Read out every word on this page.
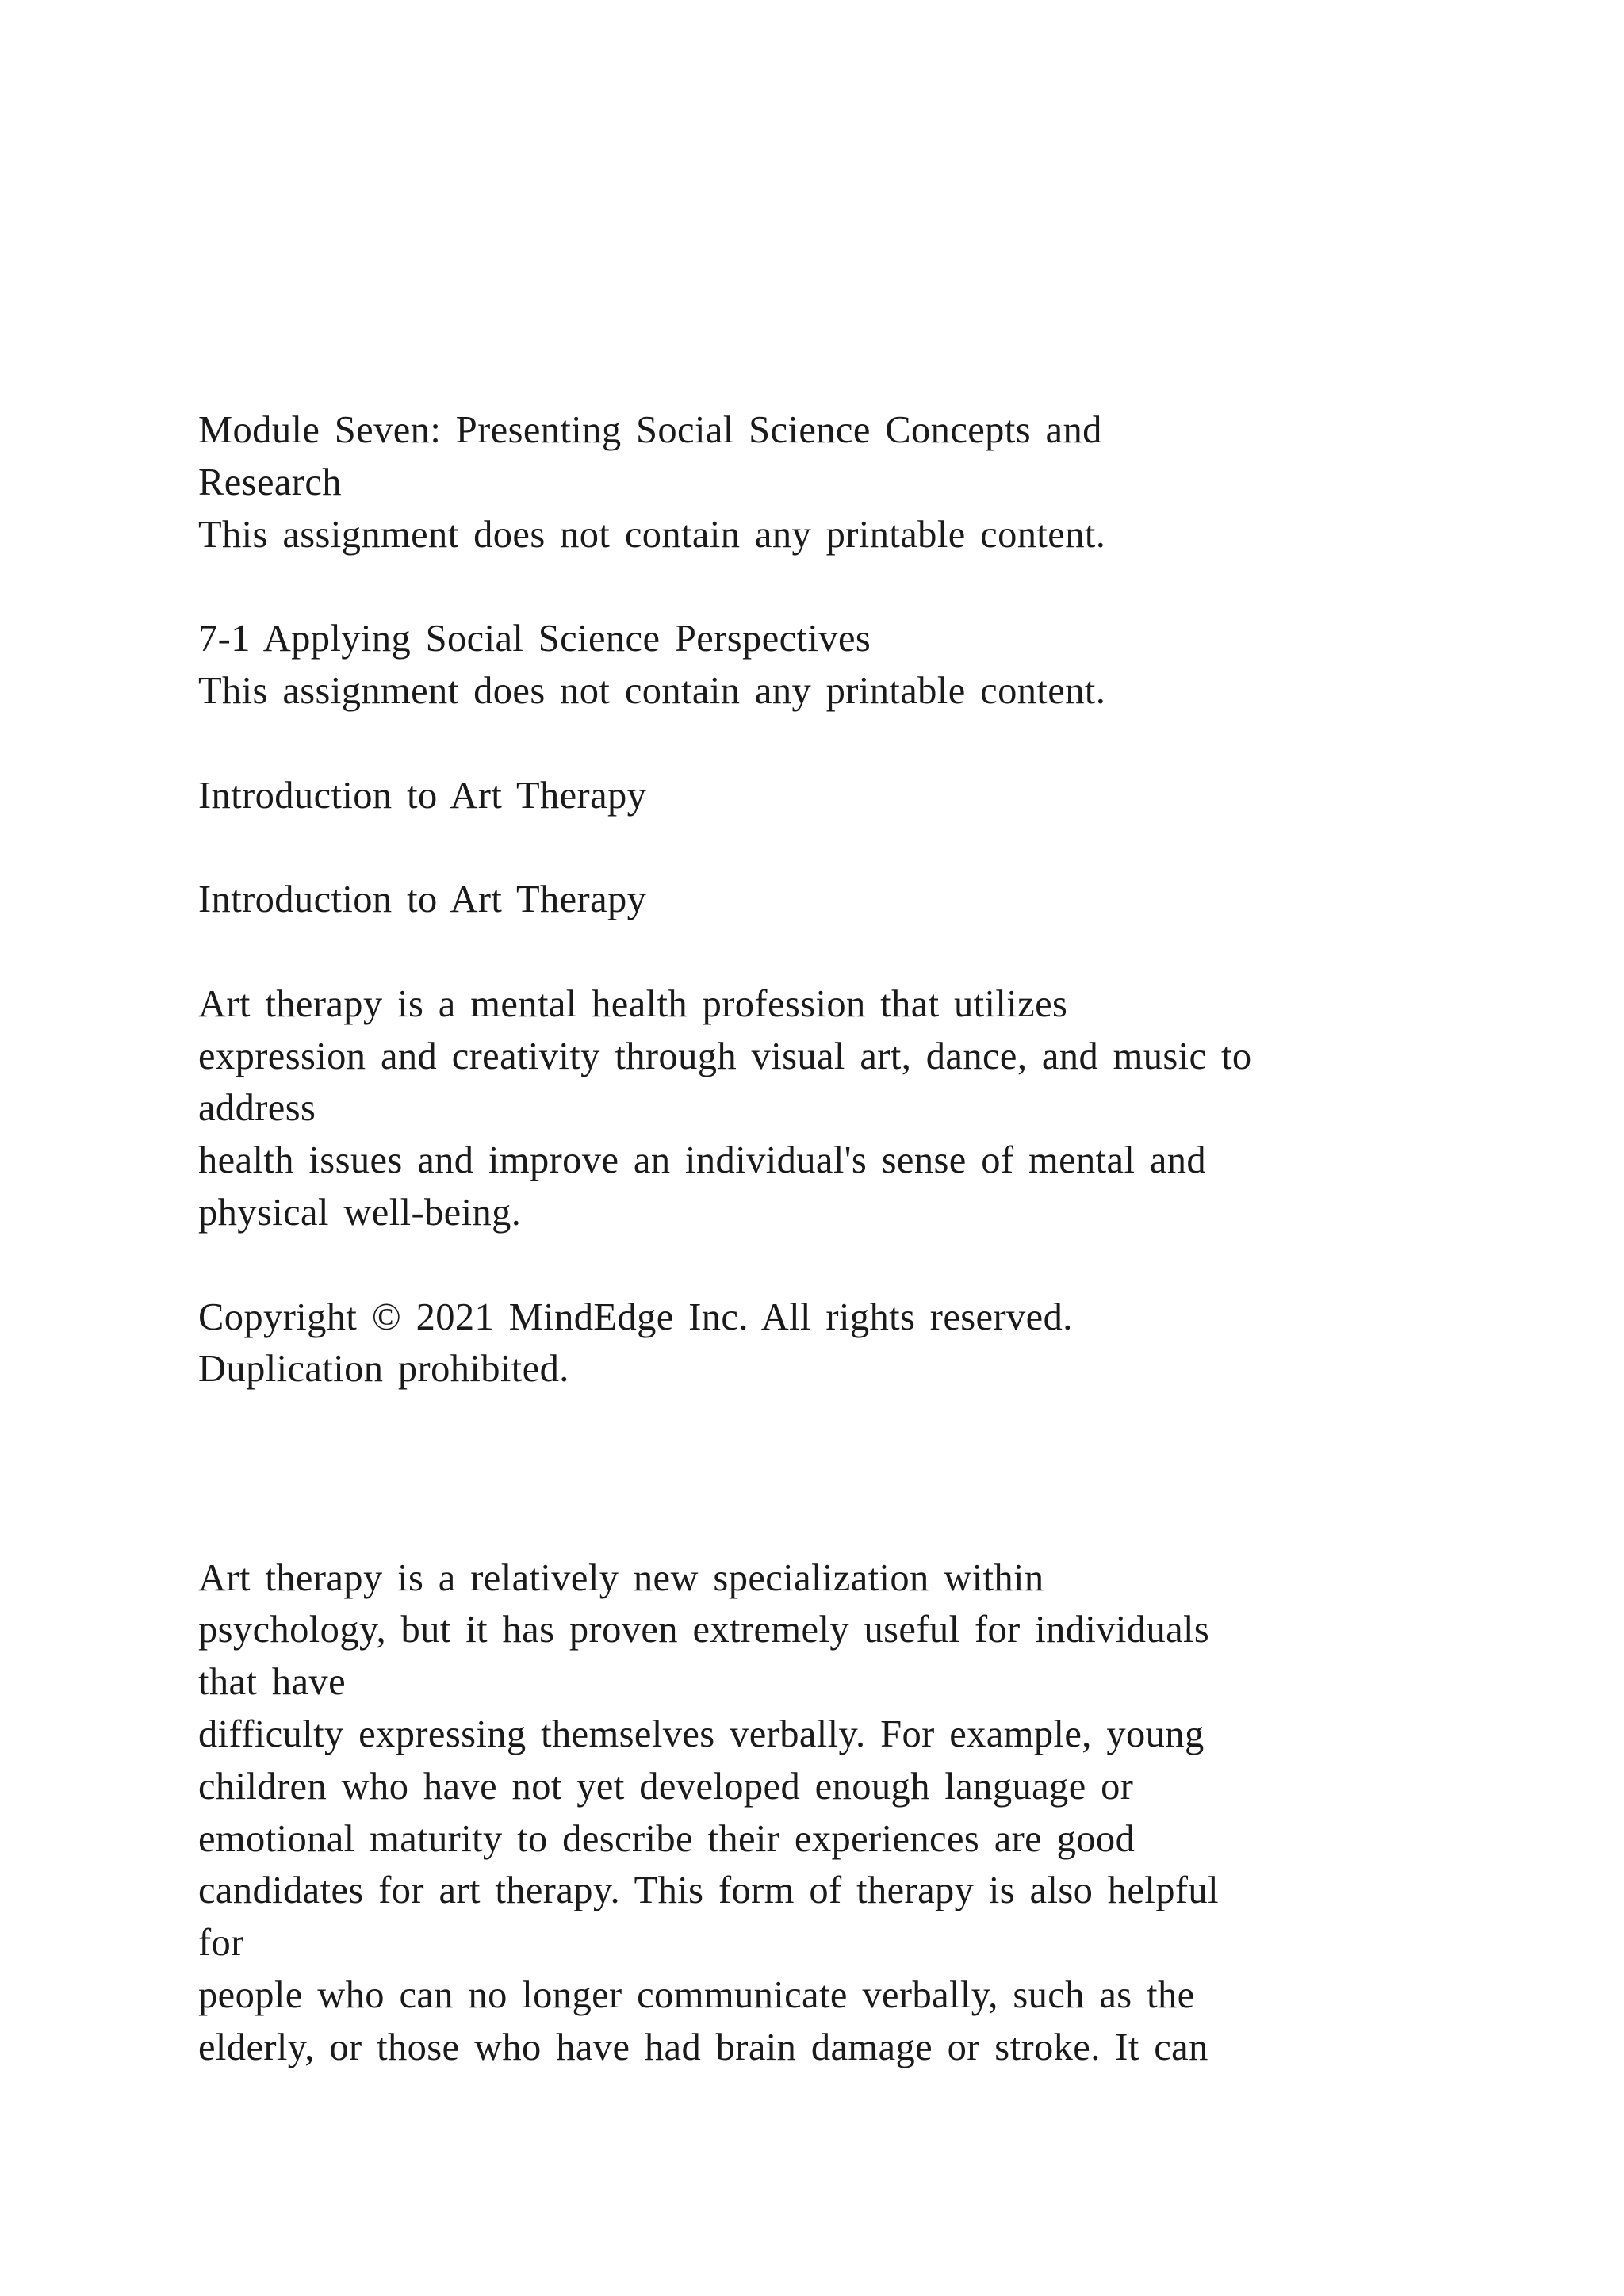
Module Seven: Presenting Social Science Concepts and
Research
This assignment does not contain any printable content.
7-1 Applying Social Science Perspectives
This assignment does not contain any printable content.
Introduction to Art Therapy
Introduction to Art Therapy
Art therapy is a mental health profession that utilizes
expression and creativity through visual art, dance, and music to
address
health issues and improve an individual's sense of mental and
physical well-being.
Copyright © 2021 MindEdge Inc. All rights reserved.
Duplication prohibited.
Art therapy is a relatively new specialization within
psychology, but it has proven extremely useful for individuals
that have
difficulty expressing themselves verbally. For example, young
children who have not yet developed enough language or
emotional maturity to describe their experiences are good
candidates for art therapy. This form of therapy is also helpful
for
people who can no longer communicate verbally, such as the
elderly, or those who have had brain damage or stroke. It can
